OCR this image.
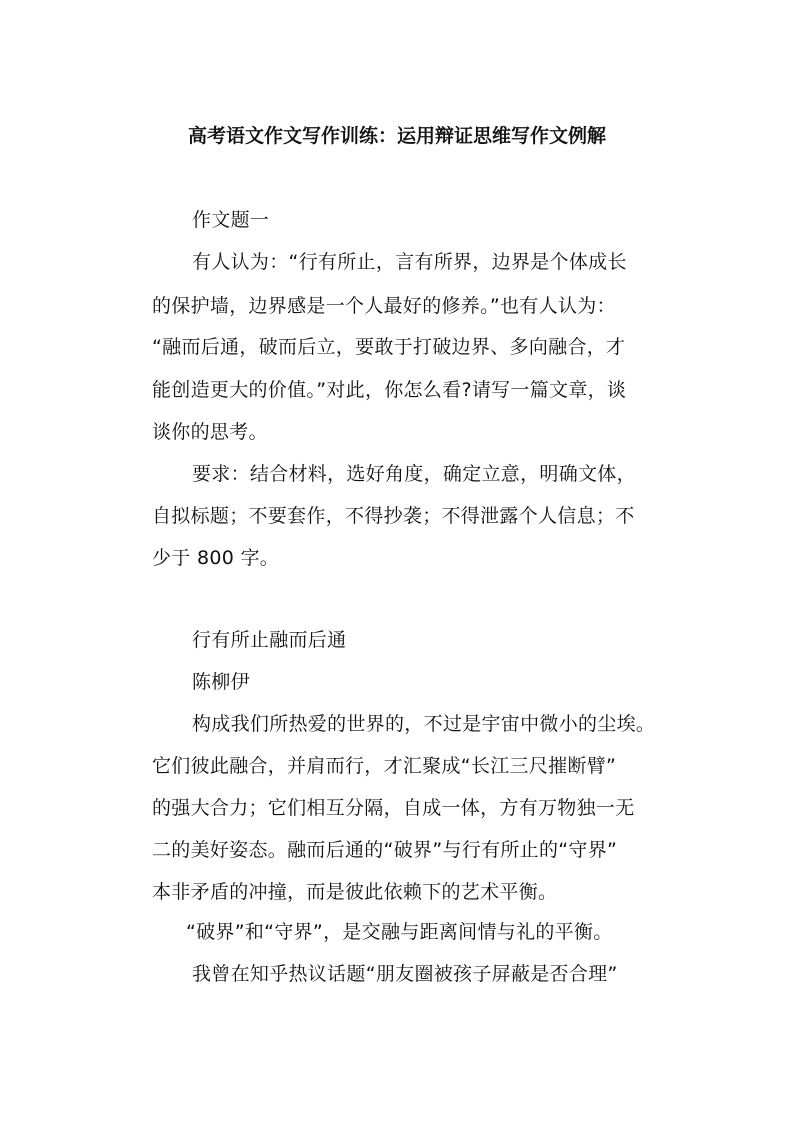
高考语文作文写作训练：运用辩证思维写作文例解
作文题一
有人认为：“行有所止，言有所界，边界是个体成长
的保护墙，边界感是一个人最好的修养。”也有人认为：
“融而后通，破而后立，要敢于打破边界、多向融合，才
能创造更大的价值。”对此，你怎么看?请写一篇文章，谈
谈你的思考。
要求：结合材料，选好角度，确定立意，明确文体，
自拟标题；不要套作，不得抄袭；不得泄露个人信息；不
少于 800 字。
行有所止融而后通
陈柳伊
构成我们所热爱的世界的，不过是宇宙中微小的尘埃。
它们彼此融合，并肩而行，才汇聚成“长江三尺摧断臂”
的强大合力；它们相互分隔，自成一体，方有万物独一无
二的美好姿态。融而后通的“破界”与行有所止的“守界”
本非矛盾的冲撞，而是彼此依赖下的艺术平衡。
“破界”和“守界”，是交融与距离间情与礼的平衡。
我曾在知乎热议话题“朋友圈被孩子屏蔽是否合理”
